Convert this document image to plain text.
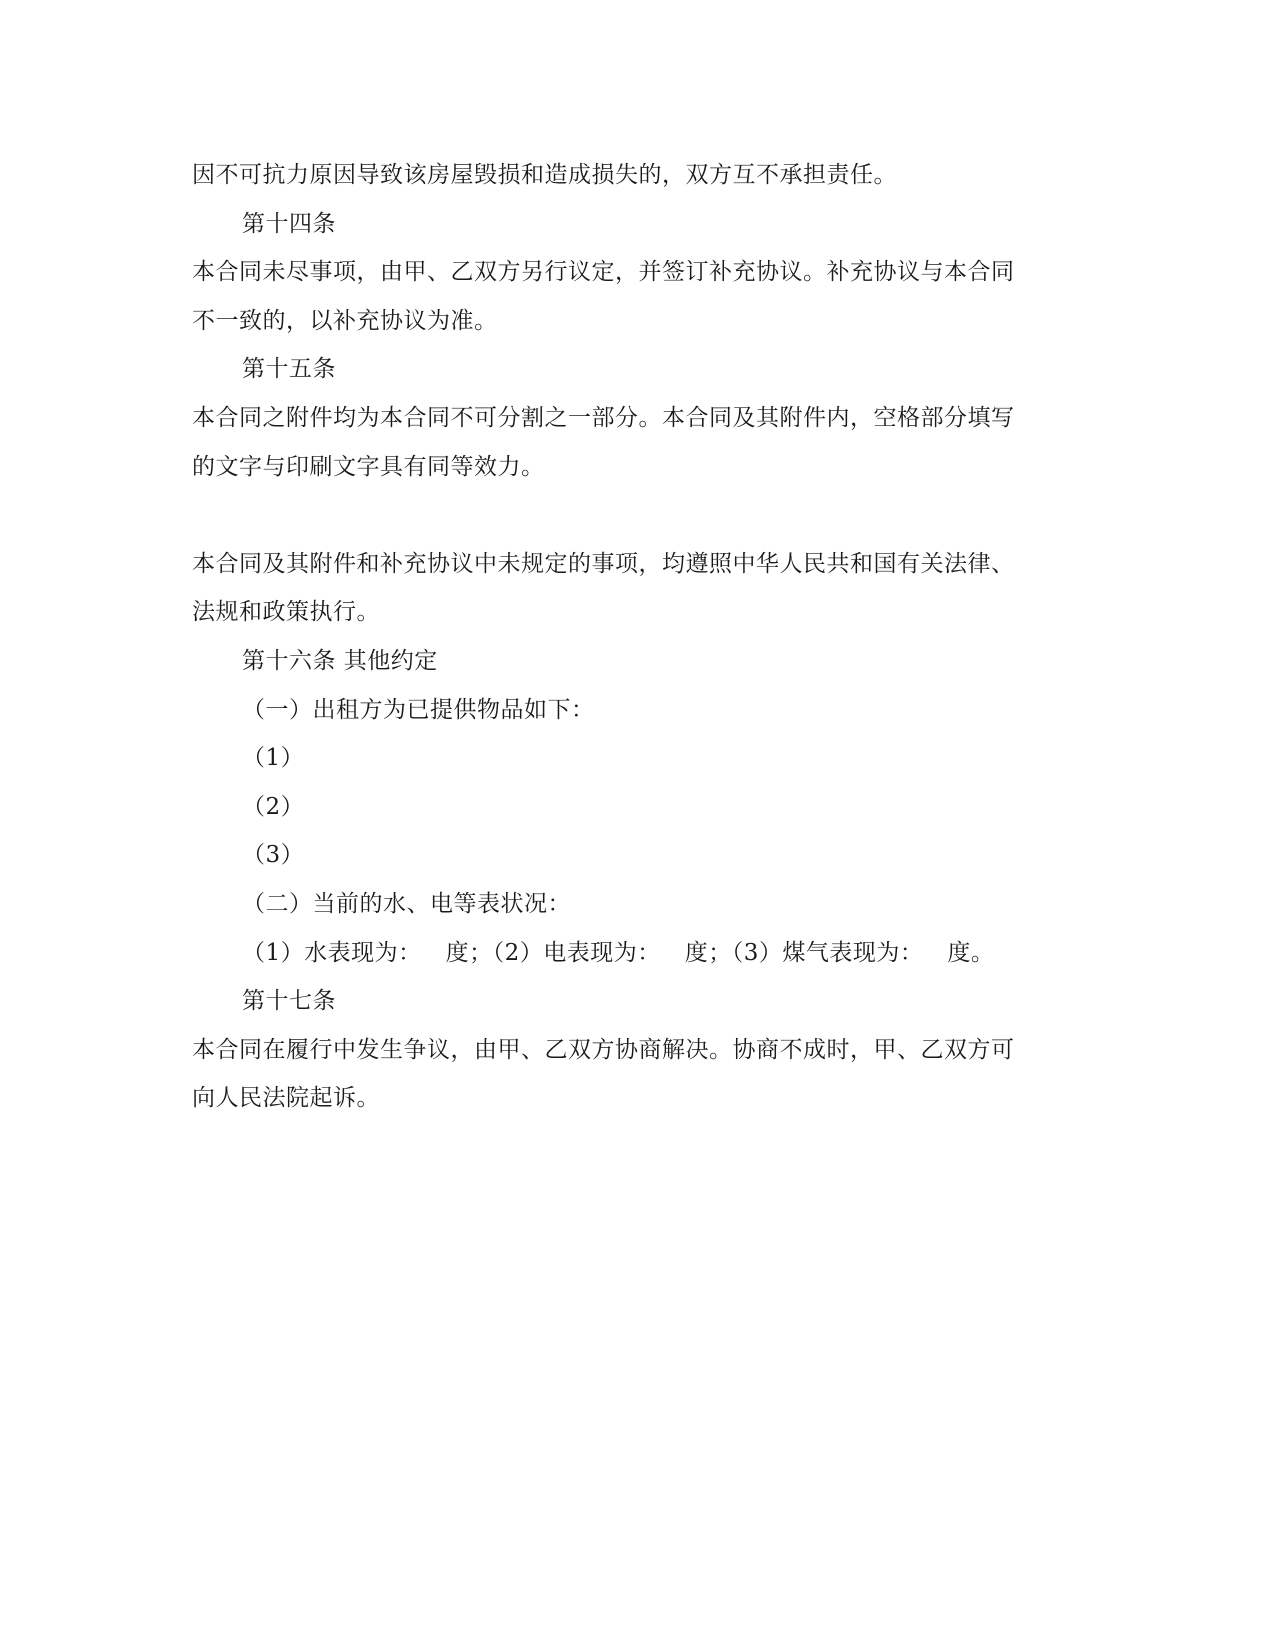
因不可抗力原因导致该房屋毁损和造成损失的，双方互不承担责任。
第十四条
本合同未尽事项，由甲、乙双方另行议定，并签订补充协议。补充协议与本合同
不一致的，以补充协议为准。
第十五条
本合同之附件均为本合同不可分割之一部分。本合同及其附件内，空格部分填写
的文字与印刷文字具有同等效力。
本合同及其附件和补充协议中未规定的事项，均遵照中华人民共和国有关法律、
法规和政策执行。
第十六条 其他约定
（一）出租方为已提供物品如下：
（1）
（2）
（3）
（二）当前的水、电等表状况：
（1）水表现为： 度；（2）电表现为： 度；（3）煤气表现为： 度。
第十七条
本合同在履行中发生争议，由甲、乙双方协商解决。协商不成时，甲、乙双方可
向人民法院起诉。
